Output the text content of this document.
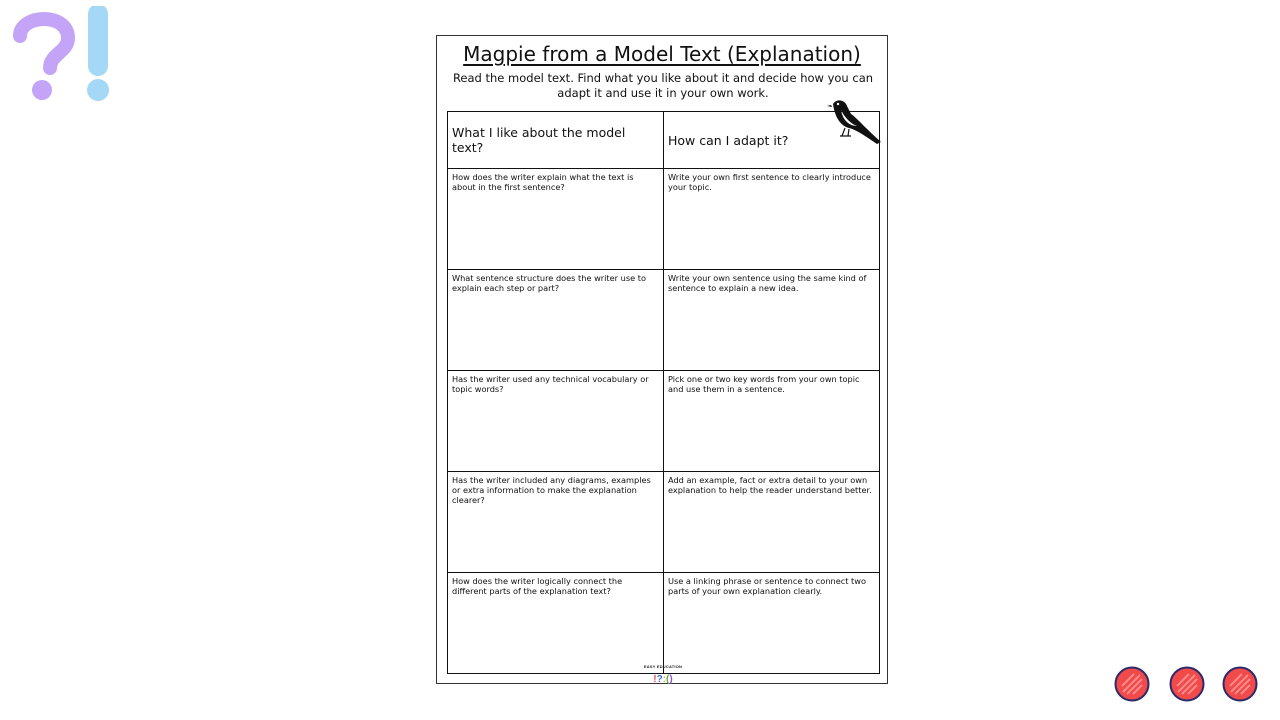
Magpie from a Model Text (Explanation)
Read the model text. Find what you like about it and decide how you can adapt it and use it in your own work.
What I like about the model text?	How can I adapt it?
How does the writer explain what the text is about in the first sentence?	Write your own first sentence to clearly introduce your topic.
What sentence structure does the writer use to explain each step or part?	Write your own sentence using the same kind of sentence to explain a new idea.
Has the writer used any technical vocabulary or topic words?	Pick one or two key words from your own topic and use them in a sentence.
Has the writer included any diagrams, examples or extra information to make the explanation clearer?	Add an example, fact or extra detail to your own explanation to help the reader understand better.
How does the writer logically connect the different parts of the explanation text?	Use a linking phrase or sentence to connect two parts of your own explanation clearly.
EASY EDUCATION
!?:()
